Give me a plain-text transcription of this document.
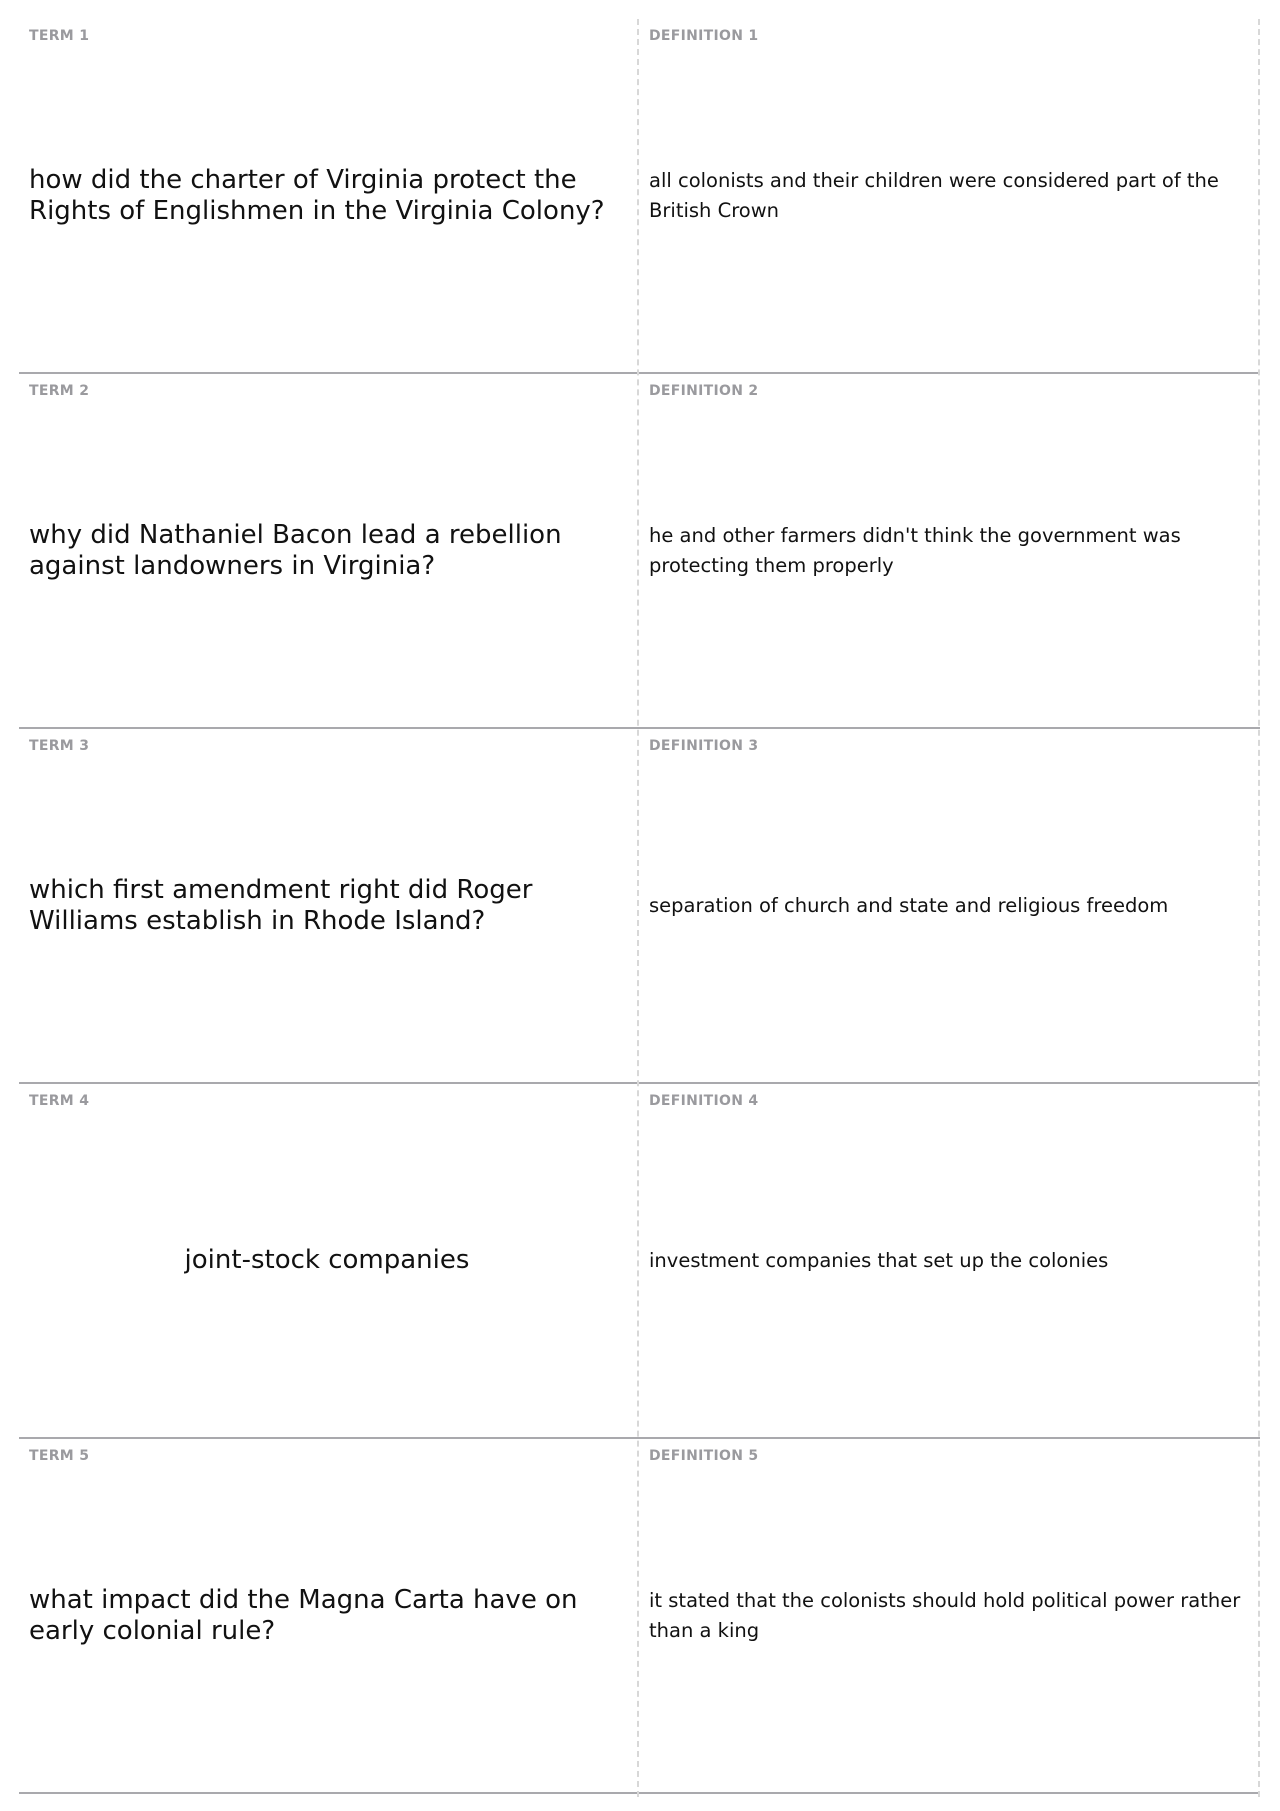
TERM 1
how did the charter of Virginia protect the Rights of Englishmen in the Virginia Colony?
DEFINITION 1
all colonists and their children were considered part of the British Crown
TERM 2
why did Nathaniel Bacon lead a rebellion against landowners in Virginia?
DEFINITION 2
he and other farmers didn't think the government was protecting them properly
TERM 3
which first amendment right did Roger Williams establish in Rhode Island?
DEFINITION 3
separation of church and state and religious freedom
TERM 4
joint-stock companies
DEFINITION 4
investment companies that set up the colonies
TERM 5
what impact did the Magna Carta have on early colonial rule?
DEFINITION 5
it stated that the colonists should hold political power rather than a king
